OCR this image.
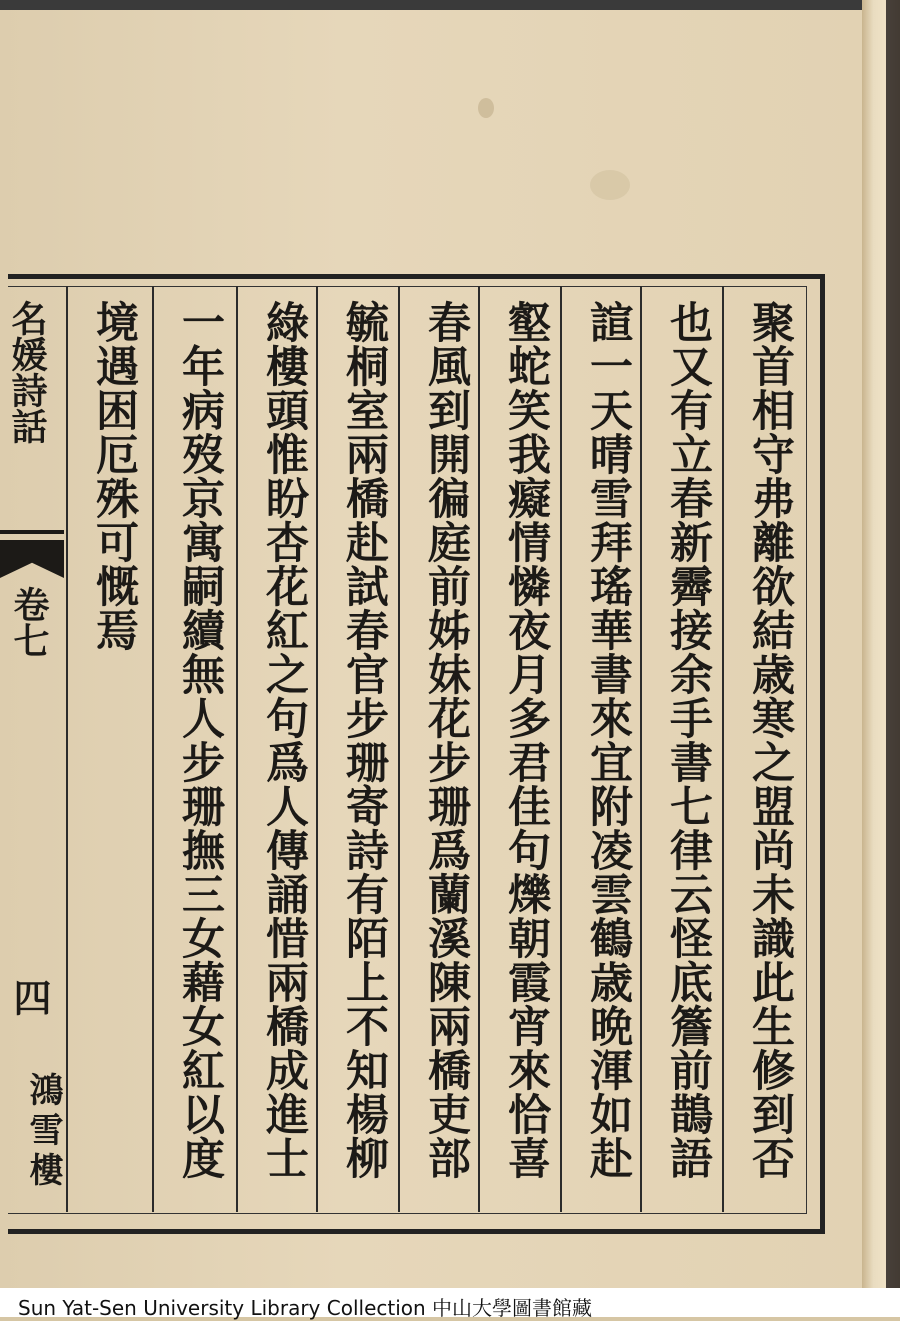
聚首相守弗離欲結歳寒之盟尚未識此生修到否
也又有立春新霽接余手書七律云怪底簷前鵲語
諠一天晴雪拜瑤華書來宜附凌雲鶴歳晩渾如赴
壑蛇笑我癡情憐夜月多君佳句爍朝霞宵來恰喜
春風到開徧庭前姊妹花步珊爲蘭溪陳兩橋吏部
毓桐室兩橋赴試春官步珊寄詩有陌上不知楊柳
綠樓頭惟盼杏花紅之句爲人傳誦惜兩橋成進士
一年病歿京寓嗣續無人步珊撫三女藉女紅以度
境遇困厄殊可慨焉
名媛詩話
卷七
四
鴻雪樓
Sun Yat-Sen University Library Collection 中山大學圖書館藏
